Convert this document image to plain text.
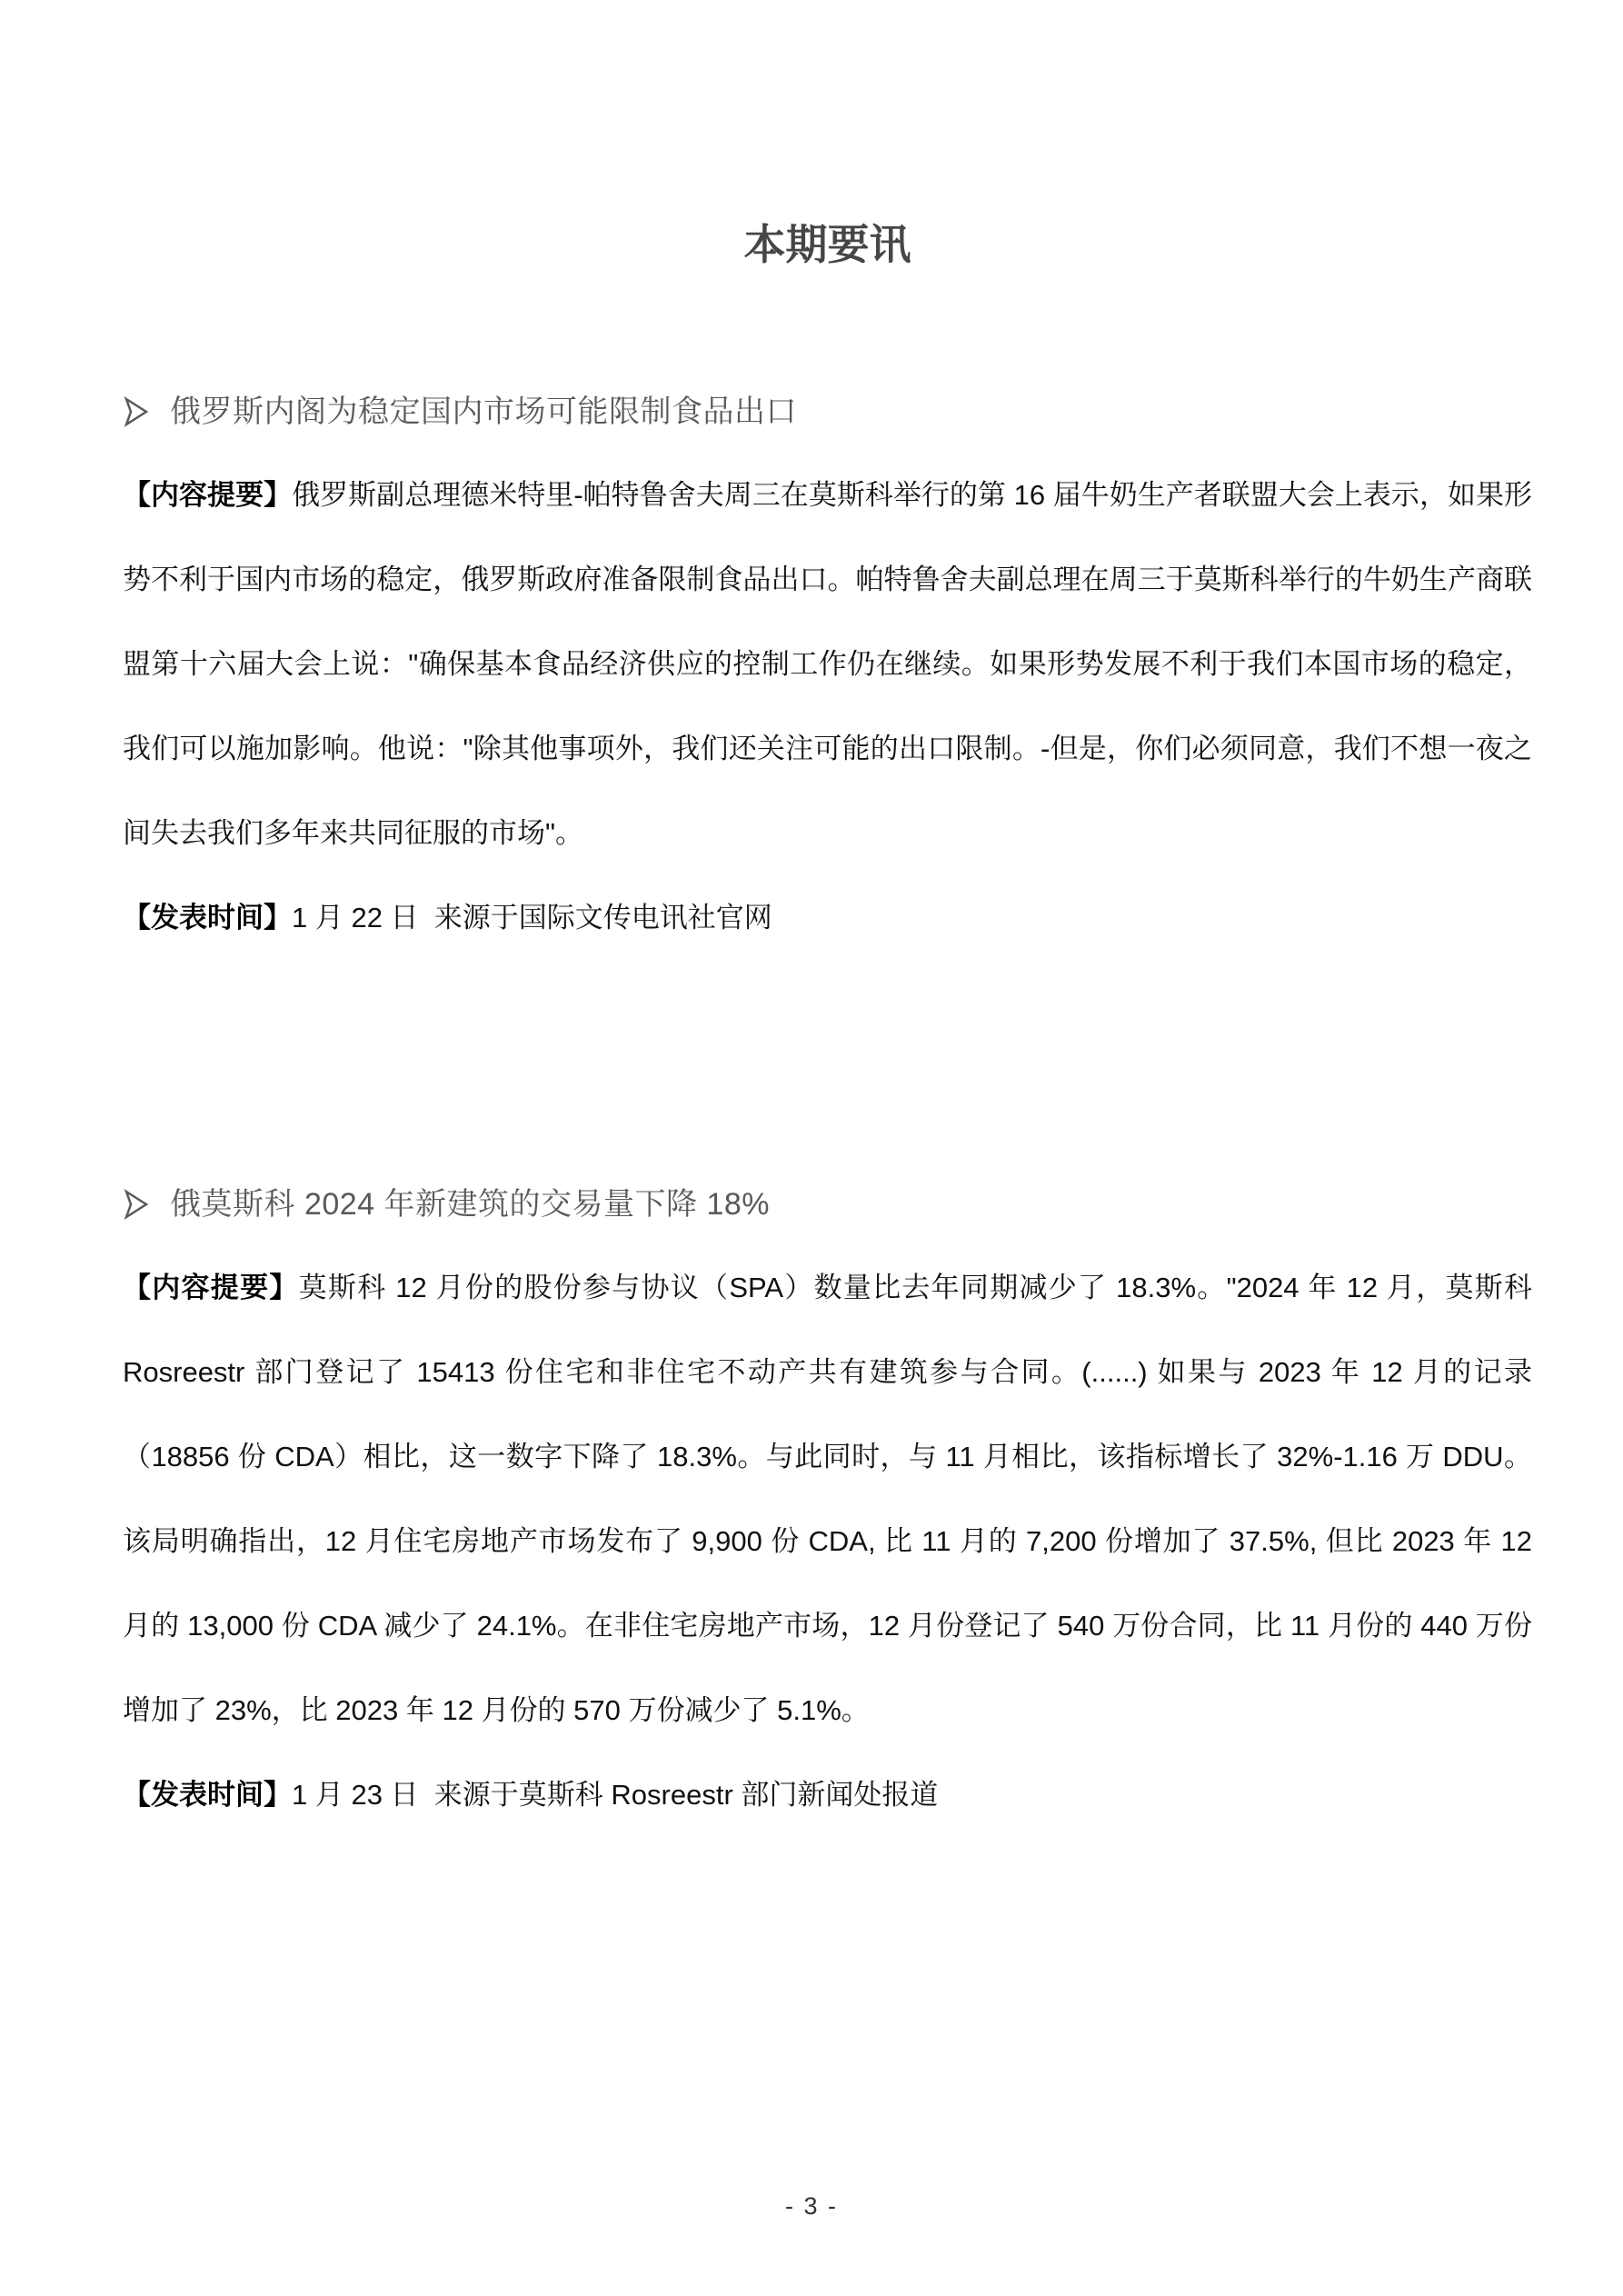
本期要讯
俄罗斯内阁为稳定国内市场可能限制食品出口

【内容提要】俄罗斯副总理德米特里-帕特鲁舍夫周三在莫斯科举行的第 16 届牛奶生产者联盟大会上表示，如果形势不利于国内市场的稳定，俄罗斯政府准备限制食品出口。帕特鲁舍夫副总理在周三于莫斯科举行的牛奶生产商联盟第十六届大会上说："确保基本食品经济供应的控制工作仍在继续。如果形势发展不利于我们本国市场的稳定，我们可以施加影响。他说："除其他事项外，我们还关注可能的出口限制。-但是，你们必须同意，我们不想一夜之间失去我们多年来共同征服的市场"。

【发表时间】1 月 22 日  来源于国际文传电讯社官网

俄莫斯科 2024 年新建筑的交易量下降 18%

【内容提要】莫斯科 12 月份的股份参与协议（SPA）数量比去年同期减少了 18.3%。"2024 年 12 月，莫斯科 Rosreestr 部门登记了 15413 份住宅和非住宅不动产共有建筑参与合同。(......) 如果与 2023 年 12 月的记录（18856 份 CDA）相比，这一数字下降了 18.3%。与此同时，与 11 月相比，该指标增长了 32%-1.16 万 DDU。该局明确指出，12 月住宅房地产市场发布了 9,900 份 CDA, 比 11 月的 7,200 份增加了 37.5%, 但比 2023 年 12 月的 13,000 份 CDA 减少了 24.1%。在非住宅房地产市场，12 月份登记了 540 万份合同，比 11 月份的 440 万份增加了 23%，比 2023 年 12 月份的 570 万份减少了 5.1%。

【发表时间】1 月 23 日  来源于莫斯科 Rosreestr 部门新闻处报道

- 3 -
